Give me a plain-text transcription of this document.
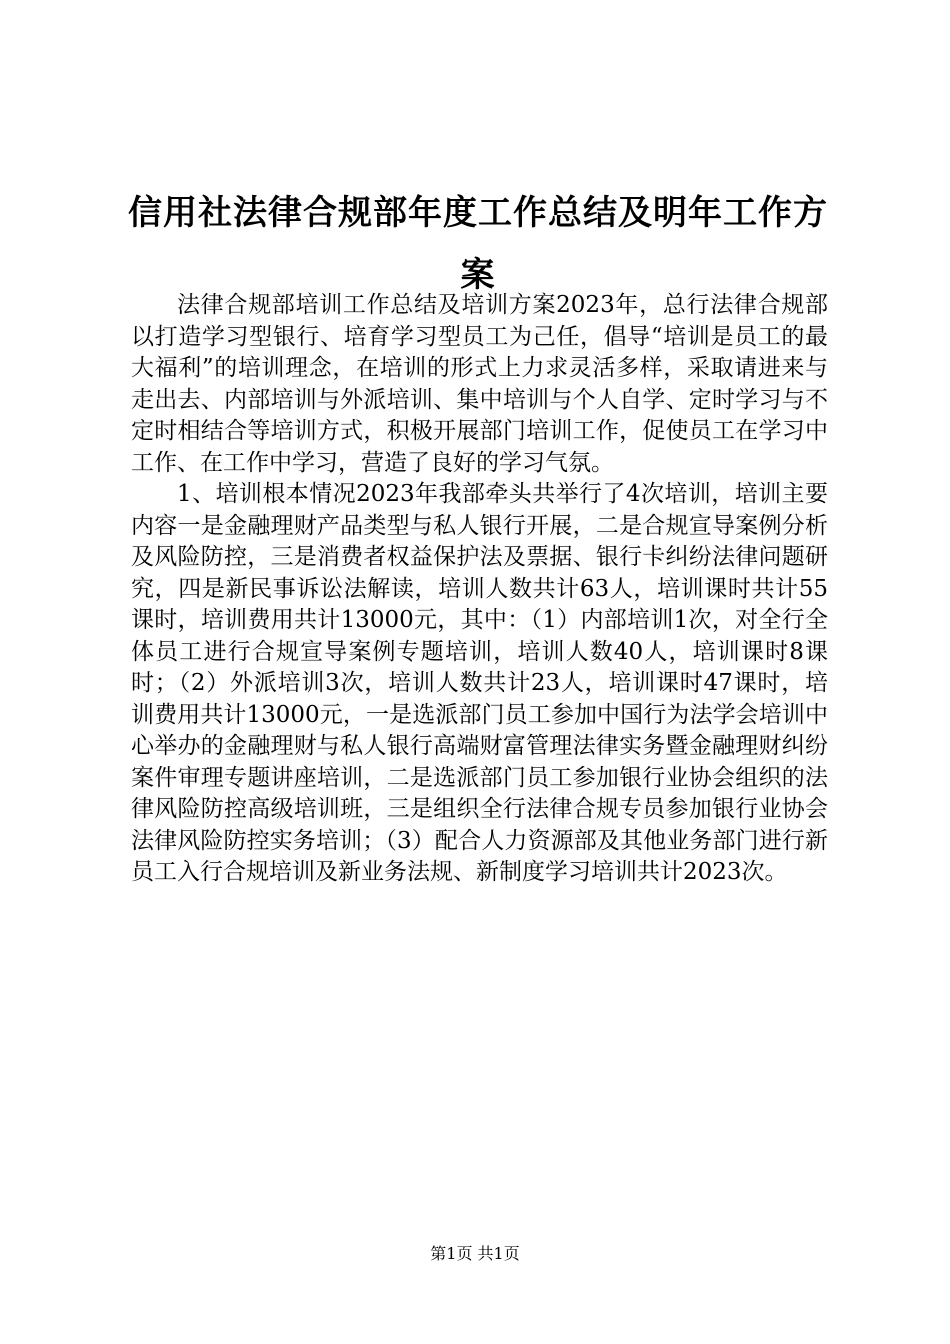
信用社法律合规部年度工作总结及明年工作方案

法律合规部培训工作总结及培训方案2023年，总行法律合规部以打造学习型银行、培育学习型员工为己任，倡导“培训是员工的最大福利”的培训理念，在培训的形式上力求灵活多样，采取请进来与走出去、内部培训与外派培训、集中培训与个人自学、定时学习与不定时相结合等培训方式，积极开展部门培训工作，促使员工在学习中工作、在工作中学习，营造了良好的学习气氛。

1、培训根本情况2023年我部牵头共举行了4次培训，培训主要内容一是金融理财产品类型与私人银行开展，二是合规宣导案例分析及风险防控，三是消费者权益保护法及票据、银行卡纠纷法律问题研究，四是新民事诉讼法解读，培训人数共计63人，培训课时共计55课时，培训费用共计13000元，其中：（1）内部培训1次，对全行全体员工进行合规宣导案例专题培训，培训人数40人，培训课时8课时；（2）外派培训3次，培训人数共计23人，培训课时47课时，培训费用共计13000元，一是选派部门员工参加中国行为法学会培训中心举办的金融理财与私人银行高端财富管理法律实务暨金融理财纠纷案件审理专题讲座培训，二是选派部门员工参加银行业协会组织的法律风险防控高级培训班，三是组织全行法律合规专员参加银行业协会法律风险防控实务培训；（3）配合人力资源部及其他业务部门进行新员工入行合规培训及新业务法规、新制度学习培训共计2023次。

第1页 共1页
